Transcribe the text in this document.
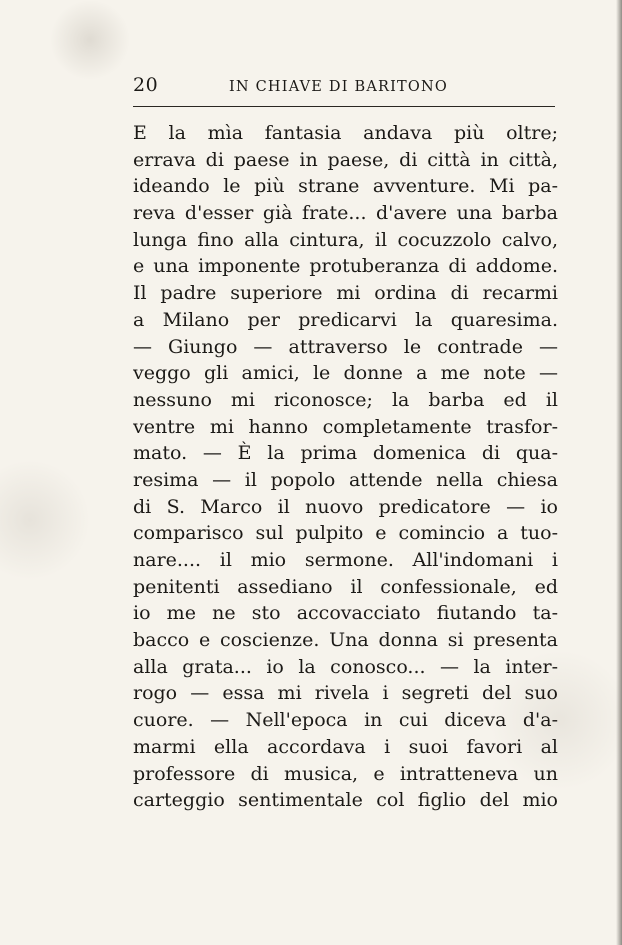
20	IN CHIAVE DI BARITONO
E la mìa fantasia andava più oltre;
errava di paese in paese, di città in città,
ideando le più strane avventure. Mi pa-
reva d'esser già frate... d'avere una barba
lunga fino alla cintura, il cocuzzolo calvo,
e una imponente protuberanza di addome.
Il padre superiore mi ordina di recarmi
a Milano per predicarvi la quaresima.
— Giungo — attraverso le contrade —
veggo gli amici, le donne a me note —
nessuno mi riconosce; la barba ed il
ventre mi hanno completamente trasfor-
mato. — È la prima domenica di qua-
resima — il popolo attende nella chiesa
di S. Marco il nuovo predicatore — io
comparisco sul pulpito e comincio a tuo-
nare.... il mio sermone. All'indomani i
penitenti assediano il confessionale, ed
io me ne sto accovacciato fiutando ta-
bacco e coscienze. Una donna si presenta
alla grata... io la conosco... — la inter-
rogo — essa mi rivela i segreti del suo
cuore. — Nell'epoca in cui diceva d'a-
marmi ella accordava i suoi favori al
professore di musica, e intratteneva un
carteggio sentimentale col figlio del mio
